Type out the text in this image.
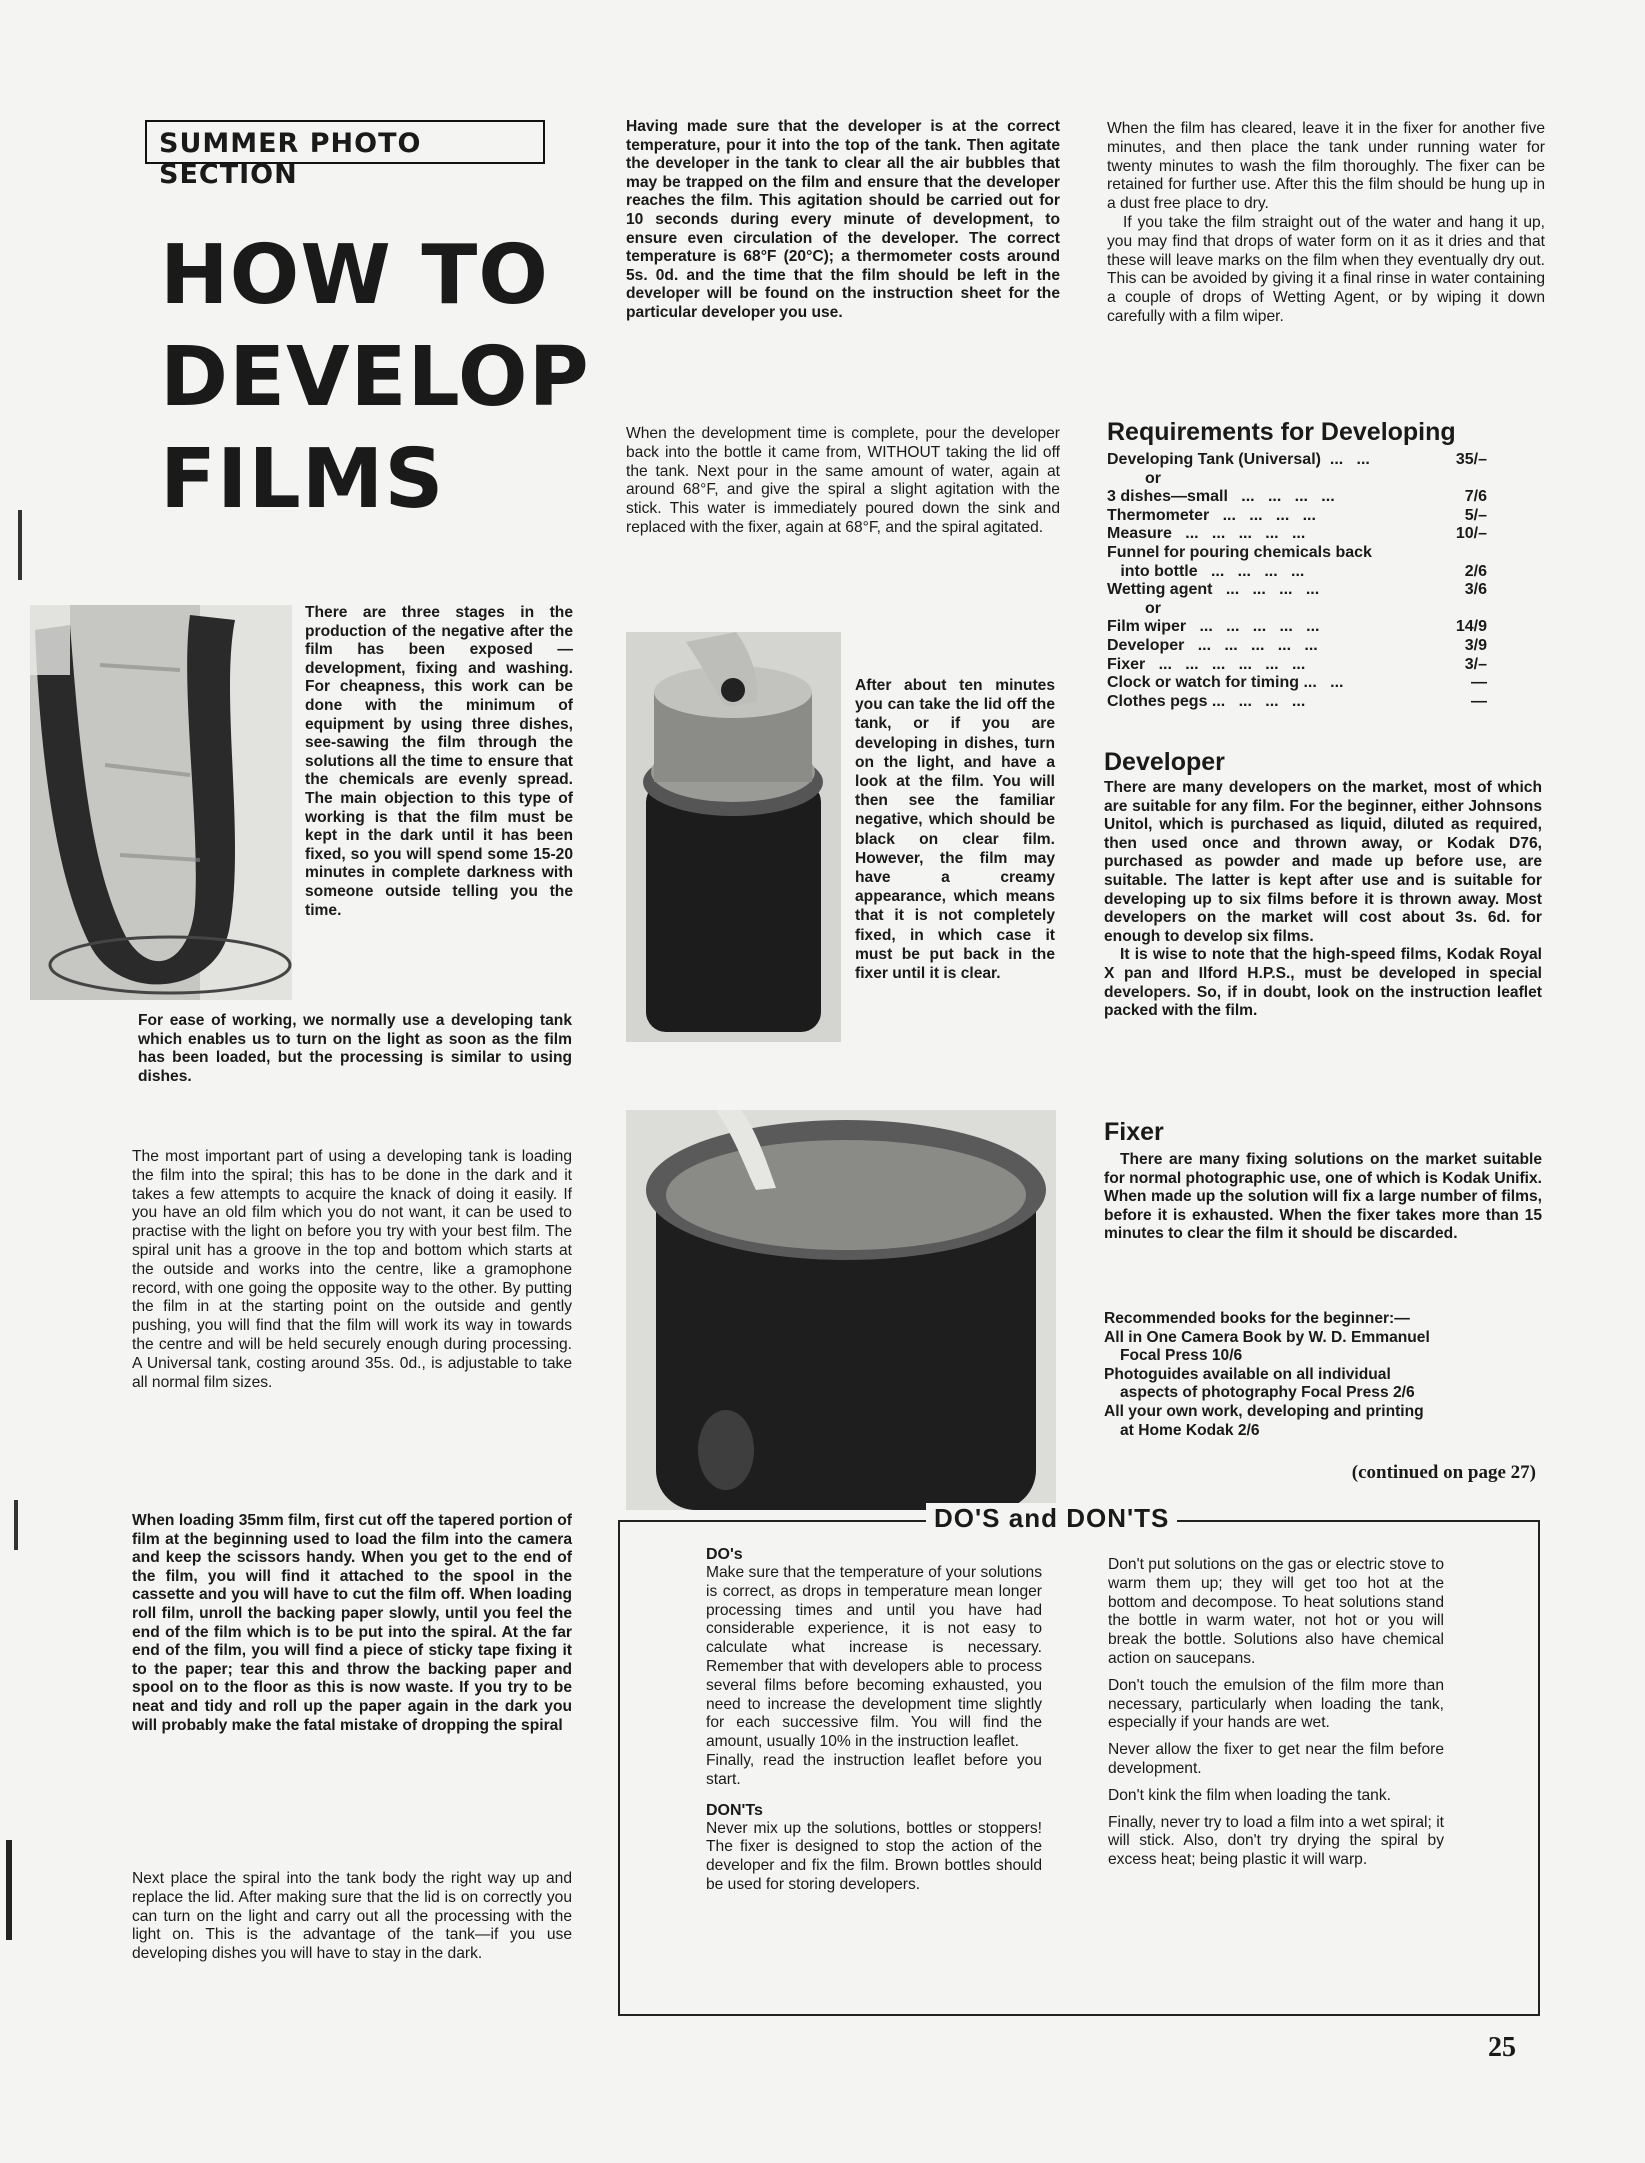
SUMMER PHOTO SECTION
HOW TO
DEVELOP
FILMS

There are three stages in the production of the negative after the film has been exposed — development, fixing and washing. For cheapness, this work can be done with the minimum of equipment by using three dishes, see-sawing the film through the solutions all the time to ensure that the chemicals are evenly spread. The main objection to this type of working is that the film must be kept in the dark until it has been fixed, so you will spend some 15-20 minutes in complete darkness with someone outside telling you the time.

For ease of working, we normally use a developing tank which enables us to turn on the light as soon as the film has been loaded, but the processing is similar to using dishes.

The most important part of using a developing tank is loading the film into the spiral; this has to be done in the dark and it takes a few attempts to acquire the knack of doing it easily. If you have an old film which you do not want, it can be used to practise with the light on before you try with your best film. The spiral unit has a groove in the top and bottom which starts at the outside and works into the centre, like a gramophone record, with one going the opposite way to the other. By putting the film in at the starting point on the outside and gently pushing, you will find that the film will work its way in towards the centre and will be held securely enough during processing. A Universal tank, costing around 35s. 0d., is adjustable to take all normal film sizes.

When loading 35mm film, first cut off the tapered portion of film at the beginning used to load the film into the camera and keep the scissors handy. When you get to the end of the film, you will find it attached to the spool in the cassette and you will have to cut the film off. When loading roll film, unroll the backing paper slowly, until you feel the end of the film which is to be put into the spiral. At the far end of the film, you will find a piece of sticky tape fixing it to the paper; tear this and throw the backing paper and spool on to the floor as this is now waste. If you try to be neat and tidy and roll up the paper again in the dark you will probably make the fatal mistake of dropping the spiral

Next place the spiral into the tank body the right way up and replace the lid. After making sure that the lid is on correctly you can turn on the light and carry out all the processing with the light on. This is the advantage of the tank—if you use developing dishes you will have to stay in the dark.

Having made sure that the developer is at the correct temperature, pour it into the top of the tank. Then agitate the developer in the tank to clear all the air bubbles that may be trapped on the film and ensure that the developer reaches the film. This agitation should be carried out for 10 seconds during every minute of development, to ensure even circulation of the developer. The correct temperature is 68°F (20°C); a thermometer costs around 5s. 0d. and the time that the film should be left in the developer will be found on the instruction sheet for the particular developer you use.

When the development time is complete, pour the developer back into the bottle it came from, WITHOUT taking the lid off the tank. Next pour in the same amount of water, again at around 68°F, and give the spiral a slight agitation with the stick. This water is immediately poured down the sink and replaced with the fixer, again at 68°F, and the spiral agitated.

After about ten minutes you can take the lid off the tank, or if you are developing in dishes, turn on the light, and have a look at the film. You will then see the familiar negative, which should be black on clear film. However, the film may have a creamy appearance, which means that it is not completely fixed, in which case it must be put back in the fixer until it is clear.

When the film has cleared, leave it in the fixer for another five minutes, and then place the tank under running water for twenty minutes to wash the film thoroughly. The fixer can be retained for further use. After this the film should be hung up in a dust free place to dry.

If you take the film straight out of the water and hang it up, you may find that drops of water form on it as it dries and that these will leave marks on the film when they eventually dry out. This can be avoided by giving it a final rinse in water containing a couple of drops of Wetting Agent, or by wiping it down carefully with a film wiper.

Requirements for Developing
Developing Tank (Universal)  ...   ...	35/–
or
3 dishes—small   ...   ...   ...   ...	7/6
Thermometer   ...   ...   ...   ...	5/–
Measure   ...   ...   ...   ...   ...	10/–
Funnel for pouring chemicals back
into bottle   ...   ...   ...   ...	2/6
Wetting agent   ...   ...   ...   ...	3/6
or
Film wiper   ...   ...   ...   ...   ...	14/9
Developer   ...   ...   ...   ...   ...	3/9
Fixer   ...   ...   ...   ...   ...   ...	3/–
Clock or watch for timing ...   ...	—
Clothes pegs ...   ...   ...   ...	—
Developer

There are many developers on the market, most of which are suitable for any film. For the beginner, either Johnsons Unitol, which is purchased as liquid, diluted as required, then used once and thrown away, or Kodak D76, purchased as powder and made up before use, are suitable. The latter is kept after use and is suitable for developing up to six films before it is thrown away. Most developers on the market will cost about 3s. 6d. for enough to develop six films.

It is wise to note that the high-speed films, Kodak Royal X pan and Ilford H.P.S., must be developed in special developers. So, if in doubt, look on the instruction leaflet packed with the film.

Fixer

There are many fixing solutions on the market suitable for normal photographic use, one of which is Kodak Unifix. When made up the solution will fix a large number of films, before it is exhausted. When the fixer takes more than 15 minutes to clear the film it should be discarded.

Recommended books for the beginner:—

All in One Camera Book by W. D. Emmanuel

Focal Press 10/6

Photoguides available on all individual

aspects of photography Focal Press 2/6

All your own work, developing and printing

at Home Kodak 2/6

(continued on page 27)
DO'S and DON'TS

DO's

Make sure that the temperature of your solutions is correct, as drops in temperature mean longer processing times and until you have had considerable experience, it is not easy to calculate what increase is necessary. Remember that with developers able to process several films before becoming exhausted, you need to increase the development time slightly for each successive film. You will find the amount, usually 10% in the instruction leaflet.

Finally, read the instruction leaflet before you start.

DON'Ts

Never mix up the solutions, bottles or stoppers! The fixer is designed to stop the action of the developer and fix the film. Brown bottles should be used for storing developers.

Don't put solutions on the gas or electric stove to warm them up; they will get too hot at the bottom and decompose. To heat solutions stand the bottle in warm water, not hot or you will break the bottle. Solutions also have chemical action on saucepans.

Don't touch the emulsion of the film more than necessary, particularly when loading the tank, especially if your hands are wet.

Never allow the fixer to get near the film before development.

Don't kink the film when loading the tank.

Finally, never try to load a film into a wet spiral; it will stick. Also, don't try drying the spiral by excess heat; being plastic it will warp.

25
